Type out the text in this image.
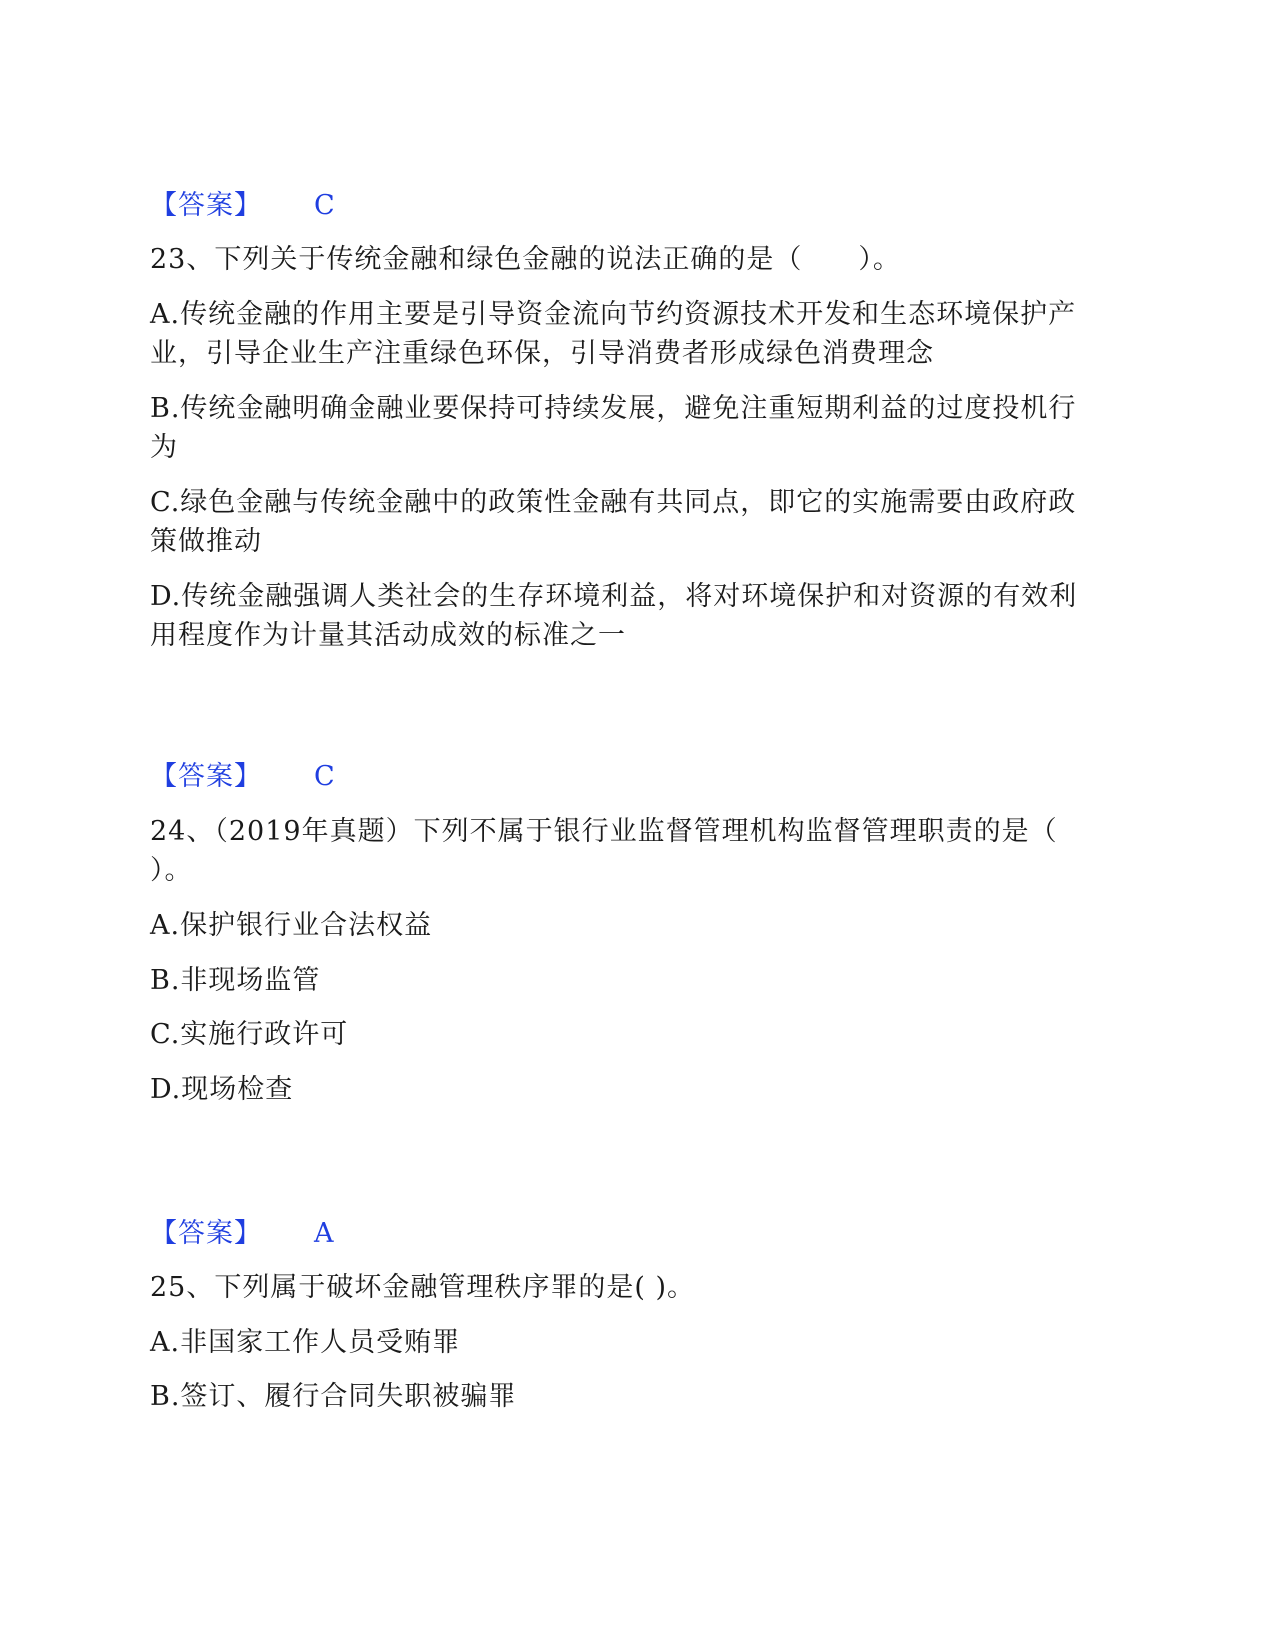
【答案】 C
23、下列关于传统金融和绿色金融的说法正确的是（　　）。
A.传统金融的作用主要是引导资金流向节约资源技术开发和生态环境保护产
业，引导企业生产注重绿色环保，引导消费者形成绿色消费理念
B.传统金融明确金融业要保持可持续发展，避免注重短期利益的过度投机行
为
C.绿色金融与传统金融中的政策性金融有共同点，即它的实施需要由政府政
策做推动
D.传统金融强调人类社会的生存环境利益，将对环境保护和对资源的有效利
用程度作为计量其活动成效的标准之一
【答案】 C
24、（2019年真题）下列不属于银行业监督管理机构监督管理职责的是（
）。
A.保护银行业合法权益
B.非现场监管
C.实施行政许可
D.现场检查
【答案】 A
25、下列属于破坏金融管理秩序罪的是( )。
A.非国家工作人员受贿罪
B.签订、履行合同失职被骗罪
